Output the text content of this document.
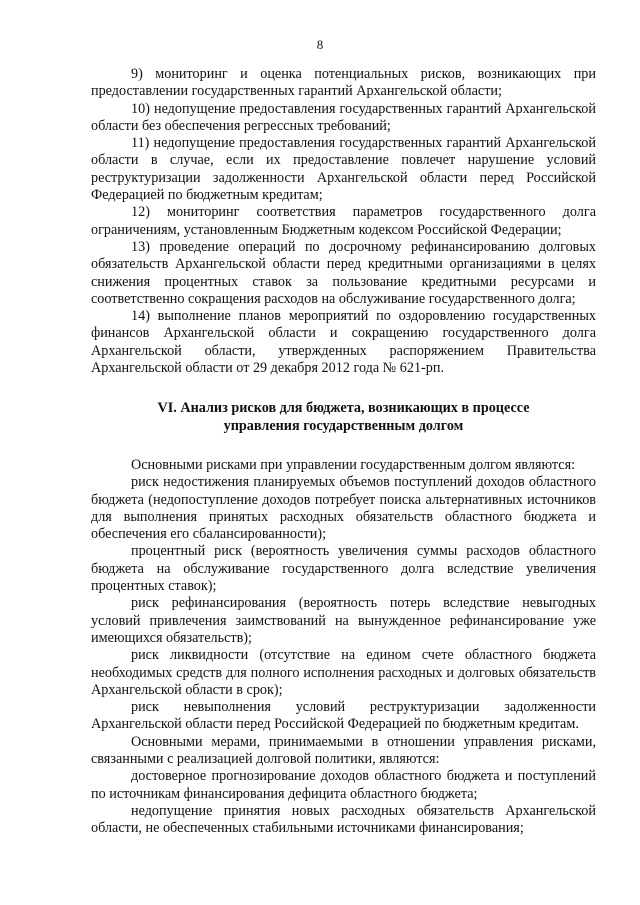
8

9) мониторинг и оценка потенциальных рисков, возникающих при предоставлении государственных гарантий Архангельской области;

10) недопущение предоставления государственных гарантий Архангельской области без обеспечения регрессных требований;

11) недопущение предоставления государственных гарантий Архангельской области в случае, если их предоставление повлечет нарушение условий реструктуризации задолженности Архангельской области перед Российской Федерацией по бюджетным кредитам;

12) мониторинг соответствия параметров государственного долга ограничениям, установленным Бюджетным кодексом Российской Федерации;

13) проведение операций по досрочному рефинансированию долговых обязательств Архангельской области перед кредитными организациями в целях снижения процентных ставок за пользование кредитными ресурсами и соответственно сокращения расходов на обслуживание государственного долга;

14) выполнение планов мероприятий по оздоровлению государственных финансов Архангельской области и сокращению государственного долга Архангельской области, утвержденных распоряжением Правительства Архангельской области от 29 декабря 2012 года № 621-рп.

VI. Анализ рисков для бюджета, возникающих в процессе
управления государственным долгом

Основными рисками при управлении государственным долгом являются:

риск недостижения планируемых объемов поступлений доходов областного бюджета (недопоступление доходов потребует поиска альтернативных источников для выполнения принятых расходных обязательств областного бюджета и обеспечения его сбалансированности);

процентный риск (вероятность увеличения суммы расходов областного бюджета на обслуживание государственного долга вследствие увеличения процентных ставок);

риск рефинансирования (вероятность потерь вследствие невыгодных условий привлечения заимствований на вынужденное рефинансирование уже имеющихся обязательств);

риск ликвидности (отсутствие на едином счете областного бюджета необходимых средств для полного исполнения расходных и долговых обязательств Архангельской области в срок);

риск невыполнения условий реструктуризации задолженности Архангельской области перед Российской Федерацией по бюджетным кредитам.

Основными мерами, принимаемыми в отношении управления рисками, связанными с реализацией долговой политики, являются:

достоверное прогнозирование доходов областного бюджета и поступлений по источникам финансирования дефицита областного бюджета;

недопущение принятия новых расходных обязательств Архангельской области, не обеспеченных стабильными источниками финансирования;
